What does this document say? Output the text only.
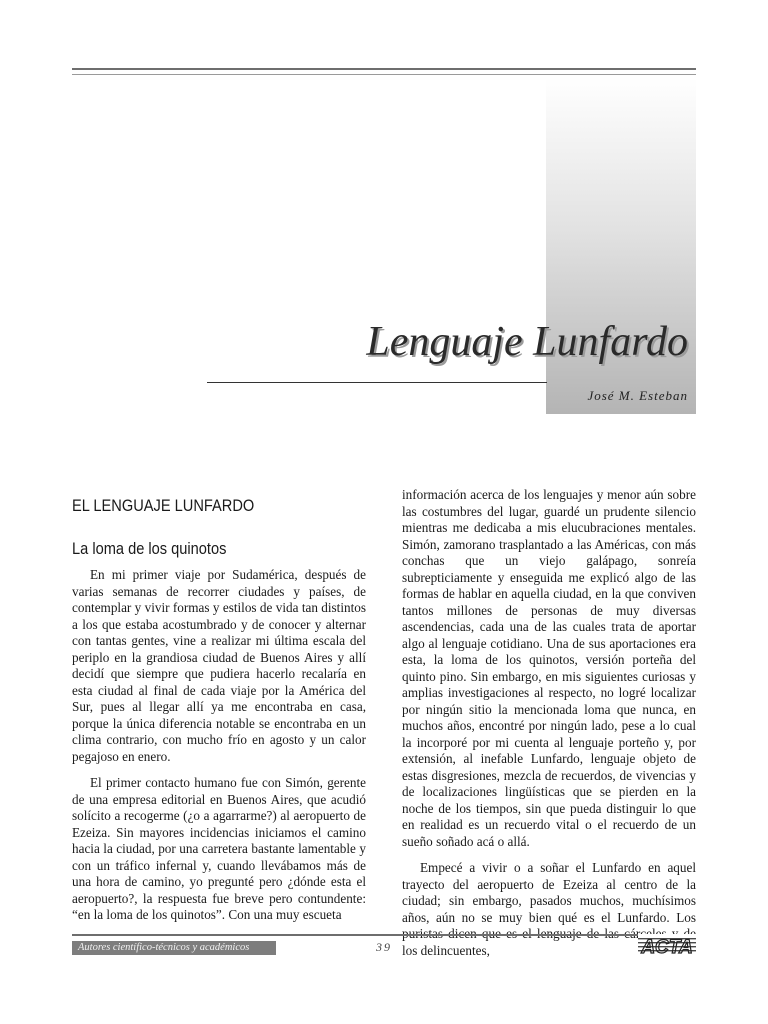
Lenguaje Lunfardo
José M. Esteban
EL LENGUAJE LUNFARDO
La loma de los quinotos

En mi primer viaje por Sudamérica, después de varias semanas de recorrer ciudades y países, de contemplar y vivir formas y estilos de vida tan distintos a los que estaba acostumbrado y de conocer y alternar con tantas gentes, vine a realizar mi última escala del periplo en la grandiosa ciudad de Buenos Aires y allí decidí que siempre que pudiera hacerlo recalaría en esta ciudad al final de cada viaje por la América del Sur, pues al llegar allí ya me encontraba en casa, porque la única diferencia notable se encontraba en un clima contrario, con mucho frío en agosto y un calor pegajoso en enero.

El primer contacto humano fue con Simón, gerente de una empresa editorial en Buenos Aires, que acudió solícito a recogerme (¿o a agarrarme?) al aeropuerto de Ezeiza. Sin mayores incidencias iniciamos el camino hacia la ciudad, por una carretera bastante lamentable y con un tráfico infernal y, cuando llevábamos más de una hora de camino, yo pregunté pero ¿dónde esta el aeropuerto?, la respuesta fue breve pero contundente: “en la loma de los quinotos”. Con una muy escueta

información acerca de los lenguajes y menor aún sobre las costumbres del lugar, guardé un prudente silencio mientras me dedicaba a mis elucubraciones mentales. Simón, zamorano trasplantado a las Américas, con más conchas que un viejo galápago, sonreía subrepticiamente y enseguida me explicó algo de las formas de hablar en aquella ciudad, en la que conviven tantos millones de personas de muy diversas ascendencias, cada una de las cuales trata de aportar algo al lenguaje cotidiano. Una de sus aportaciones era esta, la loma de los quinotos, versión porteña del quinto pino. Sin embargo, en mis siguientes curiosas y amplias investigaciones al respecto, no logré localizar por ningún sitio la mencionada loma que nunca, en muchos años, encontré por ningún lado, pese a lo cual la incorporé por mi cuenta al lenguaje porteño y, por extensión, al inefable Lunfardo, lenguaje objeto de estas disgresiones, mezcla de recuerdos, de vivencias y de localizaciones lingüísticas que se pierden en la noche de los tiempos, sin que pueda distinguir lo que en realidad es un recuerdo vital o el recuerdo de un sueño soñado acá o allá.

Empecé a vivir o a soñar el Lunfardo en aquel trayecto del aeropuerto de Ezeiza al centro de la ciudad; sin embargo, pasados muchos, muchísimos años, aún no se muy bien qué es el Lunfardo. Los los delincuentes,

Autores científico-técnicos y académicos	39	ACTA
